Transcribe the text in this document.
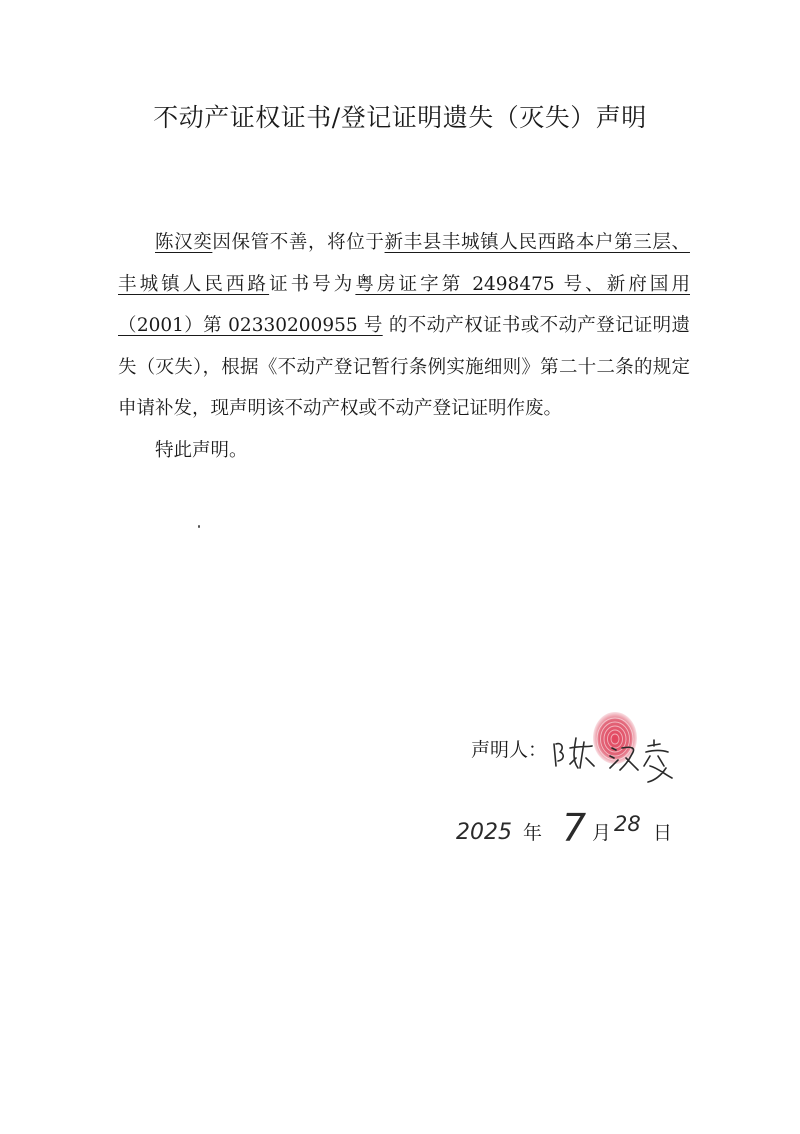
不动产证权证书/登记证明遗失（灭失）声明

陈汉奕因保管不善，将位于新丰县丰城镇人民西路本户第三层、丰城镇人民西路证书号为粤房证字第 2498475 号、新府国用（2001）第 02330200955 号 的不动产权证书或不动产登记证明遗失（灭失），根据《不动产登记暂行条例实施细则》第二十二条的规定申请补发，现声明该不动产权或不动产登记证明作废。

特此声明。

声明人：
2025 年 7 月 28 日
